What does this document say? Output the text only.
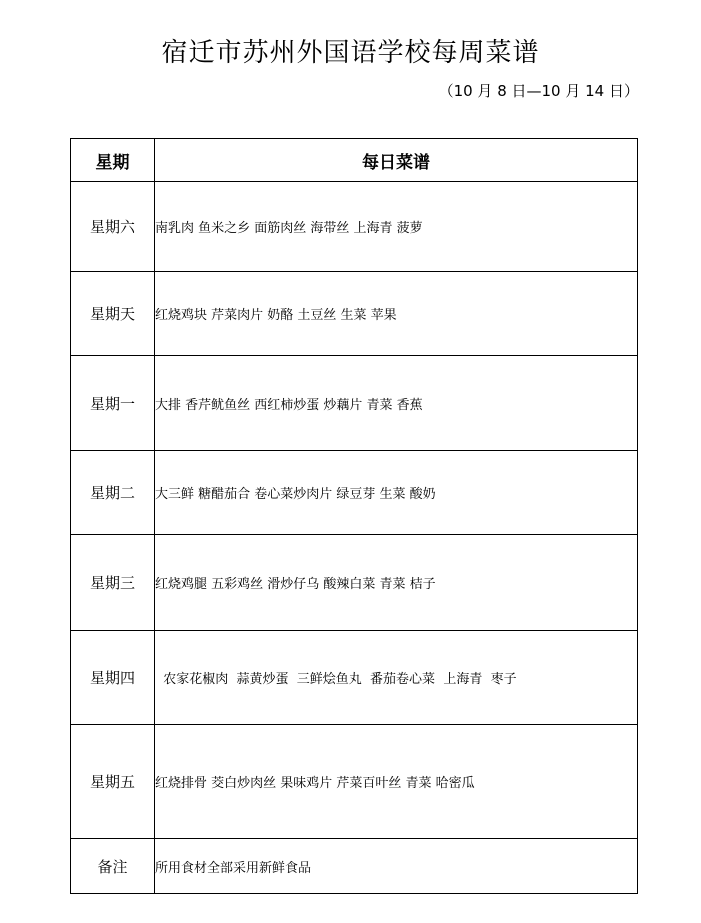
宿迁市苏州外国语学校每周菜谱
（10 月 8 日—10 月 14 日）
星期	每日菜谱
星期六	南乳肉 鱼米之乡 面筋肉丝 海带丝 上海青 菠萝
星期天	红烧鸡块 芹菜肉片 奶酪 土豆丝 生菜 苹果
星期一	大排 香芹鱿鱼丝 西红柿炒蛋 炒藕片 青菜 香蕉
星期二	大三鲜 糖醋茄合 卷心菜炒肉片 绿豆芽 生菜 酸奶
星期三	红烧鸡腿 五彩鸡丝 滑炒仔乌 酸辣白菜 青菜 桔子
星期四	农家花椒肉  蒜黄炒蛋  三鲜烩鱼丸  番茄卷心菜  上海青  枣子
星期五	红烧排骨 茭白炒肉丝 果味鸡片 芹菜百叶丝 青菜 哈密瓜
备注	所用食材全部采用新鲜食品
